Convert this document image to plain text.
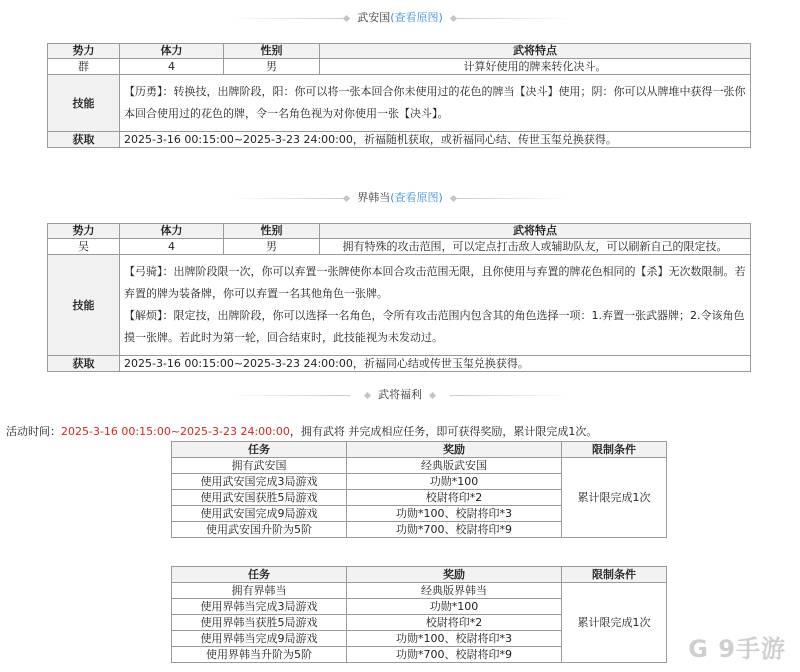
武安国(查看原图)
势力	体力	性别	武将特点
群	4	男	计算好使用的牌来转化决斗。
技能	【历勇】：转换技，出牌阶段，阳：你可以将一张本回合你未使用过的花色的牌当【决斗】使用；阴：你可以从牌堆中获得一张你本回合使用过的花色的牌，令一名角色视为对你使用一张【决斗】。		
获取	2025-3-16 00:15:00~2025-3-23 24:00:00，祈福随机获取，或祈福同心结、传世玉玺兑换获得。		
界韩当(查看原图)
势力	体力	性别	武将特点
吴	4	男	拥有特殊的攻击范围，可以定点打击敌人或辅助队友，可以刷新自己的限定技。
技能	【弓骑】：出牌阶段限一次，你可以弃置一张牌使你本回合攻击范围无限，且你使用与弃置的牌花色相同的【杀】无次数限制。若弃置的牌为装备牌，你可以弃置一名其他角色一张牌。
【解烦】：限定技，出牌阶段，你可以选择一名角色，令所有攻击范围内包含其的角色选择一项：1.弃置一张武器牌；2.令该角色摸一张牌。若此时为第一轮，回合结束时，此技能视为未发动过。		

获取	2025-3-16 00:15:00~2025-3-23 24:00:00，祈福同心结或传世玉玺兑换获得。		
武将福利
活动时间：2025-3-16 00:15:00~2025-3-23 24:00:00，拥有武将 并完成相应任务，即可获得奖励，累计限完成1次。
任务	奖励	限制条件
拥有武安国	经典版武安国	累计限完成1次
使用武安国完成3局游戏	功勋*100	
使用武安国获胜5局游戏	校尉将印*2	
使用武安国完成9局游戏	功勋*100、校尉将印*3	
使用武安国升阶为5阶	功勋*700、校尉将印*9	
任务	奖励	限制条件
拥有界韩当	经典版界韩当	累计限完成1次
使用界韩当完成3局游戏	功勋*100	
使用界韩当获胜5局游戏	校尉将印*2	
使用界韩当完成9局游戏	功勋*100、校尉将印*3	
使用界韩当升阶为5阶	功勋*700、校尉将印*9		G 9手游
